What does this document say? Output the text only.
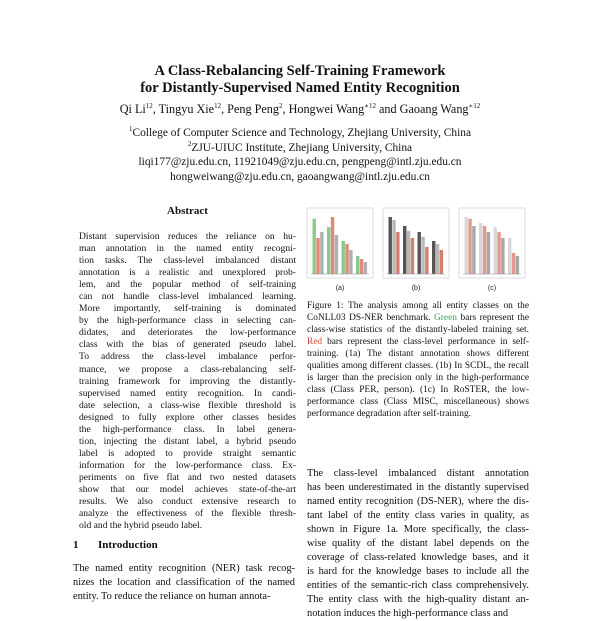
A Class-Rebalancing Self-Training Framework
for Distantly-Supervised Named Entity Recognition
Qi Li$^{12}$, Tingyu Xie$^{12}$, Peng Peng$^2$, Hongwei Wang$^{∗12}$ and Gaoang Wang$^{∗12}$
$^1$College of Computer Science and Technology, Zhejiang University, China
$^2$ZJU-UIUC Institute, Zhejiang University, China
liqi177@zju.edu.cn, 11921049@zju.edu.cn, pengpeng@intl.zju.edu.cn
hongweiwang@zju.edu.cn, gaoangwang@intl.zju.edu.cn
Abstract
Distant supervision reduces the reliance on hu-
man annotation in the named entity recogni-
tion tasks. The class-level imbalanced distant
annotation is a realistic and unexplored prob-
lem, and the popular method of self-training
can not handle class-level imbalanced learning.
More importantly, self-training is dominated
by the high-performance class in selecting can-
didates, and deteriorates the low-performance
class with the bias of generated pseudo label.
To address the class-level imbalance perfor-
mance, we propose a class-rebalancing self-
training framework for improving the distantly-
supervised named entity recognition. In candi-
date selection, a class-wise flexible threshold is
designed to fully explore other classes besides
the high-performance class. In label genera-
tion, injecting the distant label, a hybrid pseudo
label is adopted to provide straight semantic
information for the low-performance class. Ex-
periments on five flat and two nested datasets
show that our model achieves state-of-the-art
results. We also conduct extensive research to
analyze the effectiveness of the flexible thresh-
old and the hybrid pseudo label.
1 Introduction
The named entity recognition (NER) task recog-
nizes the location and classification of the named
entity. To reduce the reliance on human annota-
(a)	(b)	(c)
Figure 1: The analysis among all entity classes on the CoNLL03 DS-NER benchmark. Green bars represent the class-wise statistics of the distantly-labeled training set. Red bars represent the class-level performance in self-training. (1a) The distant annotation shows different qualities among different classes. (1b) In SCDL, the recall is larger than the precision only in the high-performance class (Class PER, person). (1c) In RoSTER, the low-performance class (Class MISC, miscellaneous) shows performance degradation after self-training.
The class-level imbalanced distant annotation
has been underestimated in the distantly supervised
named entity recognition (DS-NER), where the dis-
tant label of the entity class varies in quality, as
shown in Figure 1a. More specifically, the class-
wise quality of the distant label depends on the
coverage of class-related knowledge bases, and it
is hard for the knowledge bases to include all the
entities of the semantic-rich class comprehensively.
The entity class with the high-quality distant an-
notation induces the high-performance class and
